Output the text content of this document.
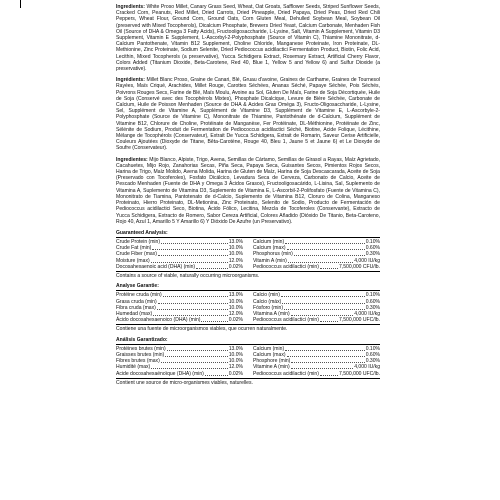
Ingredients: White Proso Millet, Canary Grass Seed, Wheat, Oat Groats, Safflower Seeds, Striped Sunflower Seeds, Cracked Corn, Peanuts, Red Millet, Dried Carrots, Dried Pineapple, Dried Papaya, Dried Peas, Dried Red Chili Peppers, Wheat Flour, Ground Corn, Ground Oats, Corn Gluten Meal, Dehulled Soybean Meal, Soybean Oil (preserved with Mixed Tocopherols), Dicalcium Phosphate, Brewers Dried Yeast, Calcium Carbonate, Menhaden Fish Oil (Source of DHA & Omega 3 Fatty Acids), Fructooligosaccharide, L-Lysine, Salt, Vitamin A Supplement, Vitamin D3 Supplement, Vitamin E Supplement, L-Ascorbyl-2-Polyphosphate (Source of Vitamin C), Thiamine Mononitrate, d-Calcium Pantothenate, Vitamin B12 Supplement, Choline Chloride, Manganese Proteinate, Iron Proteinate, DL-Methionine, Zinc Proteinate, Sodium Selenite, Dried Pediococcus acidilactici Fermentation Product, Biotin, Folic Acid, Lecithin, Mixed Tocopherols (a preservative), Yucca Schidigera Extract, Rosemary Extract, Artificial Cherry Flavor, Colors Added (Titanium Dioxide, Beta-Carotene, Red 40, Blue 1, Yellow 5 and Yellow 6) and Sulfur Dioxide (a preservative).

Ingrédients: Millet Blanc Proso, Graine de Canari, Blé, Gruau d'avoine, Graines de Carthame, Graines de Tournesol Rayées, Maïs Criqué, Arachides, Millet Rouge, Carottes Séchées, Ananas Séché, Papaye Séchée, Pois Séchés, Poivrons Rouges Secs, Farine de Blé, Maïs Moulu, Avoine au Sol, Gluten De Maïs, Farine de Soja Décortiquée, Huile de Soja (Conservé avec des Tocophérols Mixtes), Phosphate Dicalcique, Levure de Bière Séchée, Carbonate de Calcium, Huile de Poisson Menhaden (Source de DHA & Acides Gras Oméga 3), Fructo-Oligosaccharide, L-Lysine, Sel, Supplément de Vitamine A, Supplément de Vitamine D3, Supplément de Vitamine E, L-Ascorbyle-2-Polyphosphate (Source de Vitamine C), Mononitrate de Thiamine, Pantothénate de d-Calcium, Supplément de Vitamine B12, Chlorure de Choline, Protéinate de Manganèse, Fer Protéinate, DL-Méthionine, Protéinate de Zinc, Sélénite de Sodium, Produit de Fermentation de Pediococcus acidilactici Séché, Biotine, Acide Folique, Lécithine, Mélange de Tocophérols (Conservateur), Extrait De Yucca Schidigera, Extrait de Romarin, Saveur Cerise Artificielle, Couleurs Ajoutées (Dioxyde de Titane, Bêta-Carotène, Rouge 40, Bleu 1, Jaune 5 et Jaune 6) et Le Dioxyde de Soufre (Conservateur).

Ingredientes: Mijo Blanco, Alpiste, Trigo, Avena, Semillas de Cártamo, Semillas de Girasol a Rayas, Maíz Agrietado, Cacahuetes, Mijo Rojo, Zanahorias Secas, Piña Seca, Papaya Seca, Guisantes Secos, Pimientos Rojos Secos, Harina de Trigo, Maíz Molido, Avena Molida, Harina de Gluten de Maíz, Harina de Soja Descascarada, Aceite de Soja (Preservado con Tocoferoles), Fosfato Dicálcico, Levadura Seca de Cerveza, Carbonato de Calcio, Aceite de Pescado Menhaden (Fuente de DHA y Omega 3 Ácidos Grasos), Fructooligosacárido, L-Lisina, Sal, Suplemento de Vitamina A, Suplemento de Vitamina D3, Suplemento de Vitamina E, L-Ascorbil-2-Polifosfato (Fuente de Vitamina C), Mononitrato de Tiamina, Pantotenato de d-Calcio, Suplemento de Vitamina B12, Cloruro de Colina, Manganeso Proteinato, Hierro Proteinato, DL-Metionina, Zinc Proteinato, Selenito de Sodio, Producto de Fermentación de Pediococcus acidilactici Seco, Biotina, Ácido Fólico, Lecitina, Mezcla de Tocoferoles (Conservante), Extracto de Yucca Schidigera, Extracto de Romero, Sabor Cereza Artificial, Colores Añadido (Dióxido De Titanio, Beta-Caroteno, Rojo 40, Azul 1, Amarillo 5 Y Amarillo 6) Y Dióxido De Azufre (un Preservativo).

Guaranteed Analysis:
Crude Protein (min)	13.0% Calcium (min)	0.10%
Crude Fat (min)	10.0% Calcium (max)	0.60%
Crude Fiber (max)	10.0% Phosphorus (min)	0.30%
Moisture (max)	12.0% Vitamin A (min)	4,000 IU/kg
Docosahexaenoic acid (DHA) (min)	0.02% Pediococcus acidilactici (min)	7,500,000 CFU/lb.
Contains a source of viable, naturally occurring microorganisms.
Analyse Garantie:
Protéine cruda (min)	13.0% Calcio (min)	0.10%
Grasa cruda (min)	10.0% Calcio (máx)	0.60%
Fibra cruda (max)	10.0% Fósforo (min)	0.30%
Humedad (max)	12.0% Vitamina A (min)	4,000 IU/kg
Ácido docosahexaenoico (DHA) (min)	0.02% Pediococcus acidilactici (min)	7,500,000 UFC/lb.
Contiene una fuente de microorganismos viables, que ocurren naturalmente.
Análisis Garantizado:
Protéines brutes (min)	13.0% Calcium (min)	0.10%
Graisses brutes (min)	10.0% Calcium (max)	0.60%
Fibres brutes (max)	10.0% Phosphore (min)	0.30%
Humidité (max)	12.0% Vitamine A (min)	4,000 IU/kg
Acide docosahexaénoïque (DHA) (min)	0.02% Pediococcus acidilactici (min)	7,500,000 UFC/lb.
Contient une source de micro-organismes viables, naturelles.
